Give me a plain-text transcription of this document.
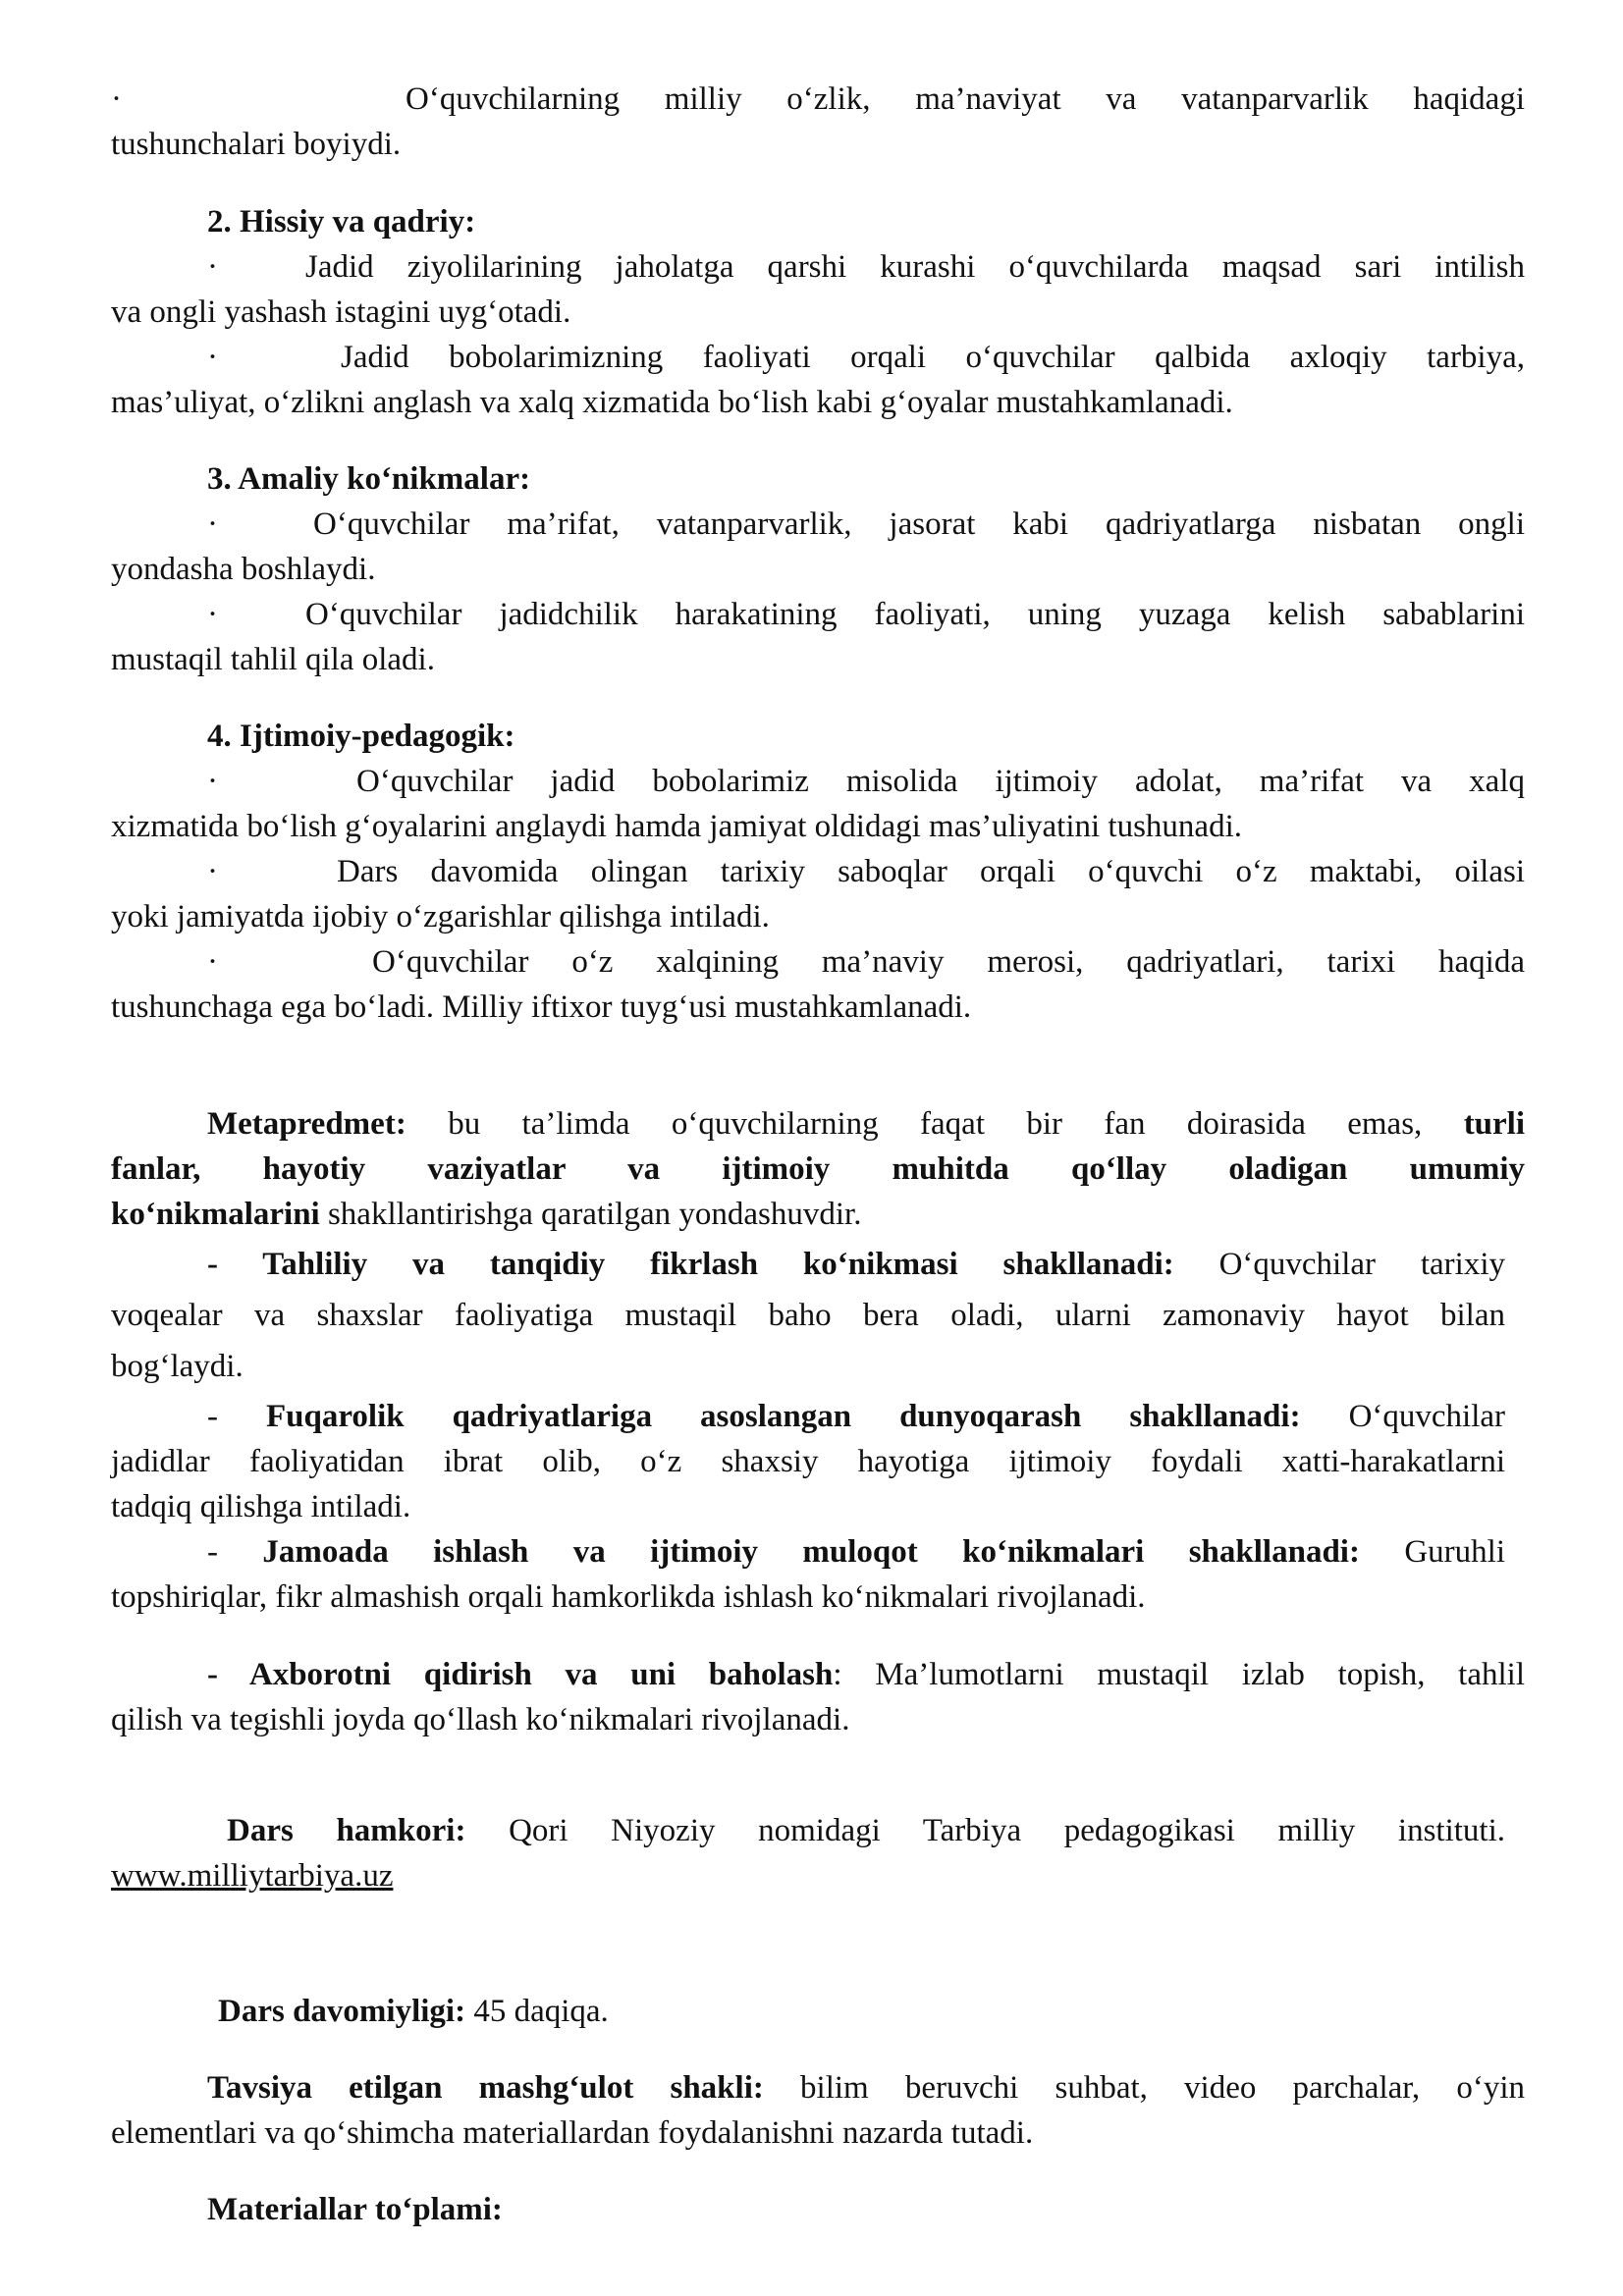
·	O‘quvchilarning milliy o‘zlik, ma’naviyat va vatanparvarlik haqidagi
tushunchalari boyiydi.
2. Hissiy va qadriy:
·	Jadid ziyolilarining jaholatga qarshi kurashi o‘quvchilarda maqsad sari intilish
va ongli yashash istagini uyg‘otadi.
·	Jadid bobolarimizning faoliyati orqali o‘quvchilar qalbida axloqiy tarbiya,
mas’uliyat, o‘zlikni anglash va xalq xizmatida bo‘lish kabi g‘oyalar mustahkamlanadi.
3. Amaliy ko‘nikmalar:
·	O‘quvchilar ma’rifat, vatanparvarlik, jasorat kabi qadriyatlarga nisbatan ongli
yondasha boshlaydi.
·	O‘quvchilar jadidchilik harakatining faoliyati, uning yuzaga kelish sabablarini
mustaqil tahlil qila oladi.
4. Ijtimoiy-pedagogik:
·	O‘quvchilar jadid bobolarimiz misolida ijtimoiy adolat, ma’rifat va xalq
xizmatida bo‘lish g‘oyalarini anglaydi hamda jamiyat oldidagi mas’uliyatini tushunadi.
·	Dars davomida olingan tarixiy saboqlar orqali o‘quvchi o‘z maktabi, oilasi
yoki jamiyatda ijobiy o‘zgarishlar qilishga intiladi.
·	O‘quvchilar o‘z xalqining ma’naviy merosi, qadriyatlari, tarixi haqida
tushunchaga ega bo‘ladi. Milliy iftixor tuyg‘usi mustahkamlanadi.
Metapredmet: bu ta’limda o‘quvchilarning faqat bir fan doirasida emas, turli
fanlar, hayotiy vaziyatlar va ijtimoiy muhitda qo‘llay oladigan umumiy
ko‘nikmalarini shakllantirishga qaratilgan yondashuvdir.
- Tahliliy va tanqidiy fikrlash ko‘nikmasi shakllanadi: O‘quvchilar tarixiy
voqealar va shaxslar faoliyatiga mustaqil baho bera oladi, ularni zamonaviy hayot bilan
bog‘laydi.
- Fuqarolik qadriyatlariga asoslangan dunyoqarash shakllanadi: O‘quvchilar
jadidlar faoliyatidan ibrat olib, o‘z shaxsiy hayotiga ijtimoiy foydali xatti-harakatlarni
tadqiq qilishga intiladi.
- Jamoada ishlash va ijtimoiy muloqot ko‘nikmalari shakllanadi: Guruhli
topshiriqlar, fikr almashish orqali hamkorlikda ishlash ko‘nikmalari rivojlanadi.
- Axborotni qidirish va uni baholash: Ma’lumotlarni mustaqil izlab topish, tahlil
qilish va tegishli joyda qo‘llash ko‘nikmalari rivojlanadi.
Dars hamkori: Qori Niyoziy nomidagi Tarbiya pedagogikasi milliy instituti.
www.milliytarbiya.uz
Dars davomiyligi: 45 daqiqa.
Tavsiya etilgan mashg‘ulot shakli: bilim beruvchi suhbat, video parchalar, o‘yin
elementlari va qo‘shimcha materiallardan foydalanishni nazarda tutadi.
Materiallar to‘plami:
